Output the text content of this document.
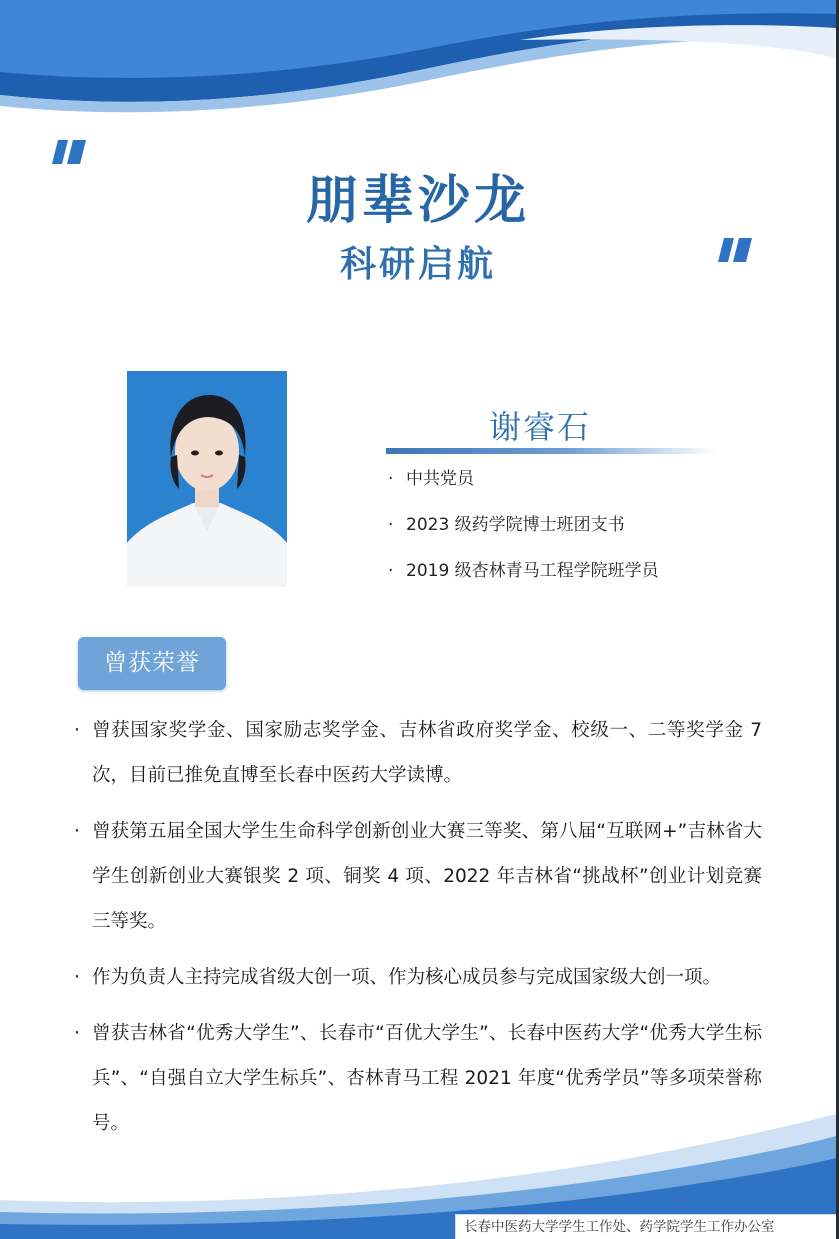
朋辈沙龙
科研启航
谢睿石
· 中共党员
· 2023 级药学院博士班团支书
· 2019 级杏林青马工程学院班学员
曾获荣誉
· 曾获国家奖学金、国家励志奖学金、吉林省政府奖学金、校级一、二等奖学金 7 次，目前已推免直博至长春中医药大学读博。
· 曾获第五届全国大学生生命科学创新创业大赛三等奖、第八届“互联网+”吉林省大学生创新创业大赛银奖 2 项、铜奖 4 项、2022 年吉林省“挑战杯”创业计划竞赛三等奖。
· 作为负责人主持完成省级大创一项、作为核心成员参与完成国家级大创一项。
· 曾获吉林省“优秀大学生”、长春市“百优大学生”、长春中医药大学“优秀大学生标兵”、“自强自立大学生标兵”、杏林青马工程 2021 年度“优秀学员”等多项荣誉称号。
长春中医药大学学生工作处、药学院学生工作办公室
